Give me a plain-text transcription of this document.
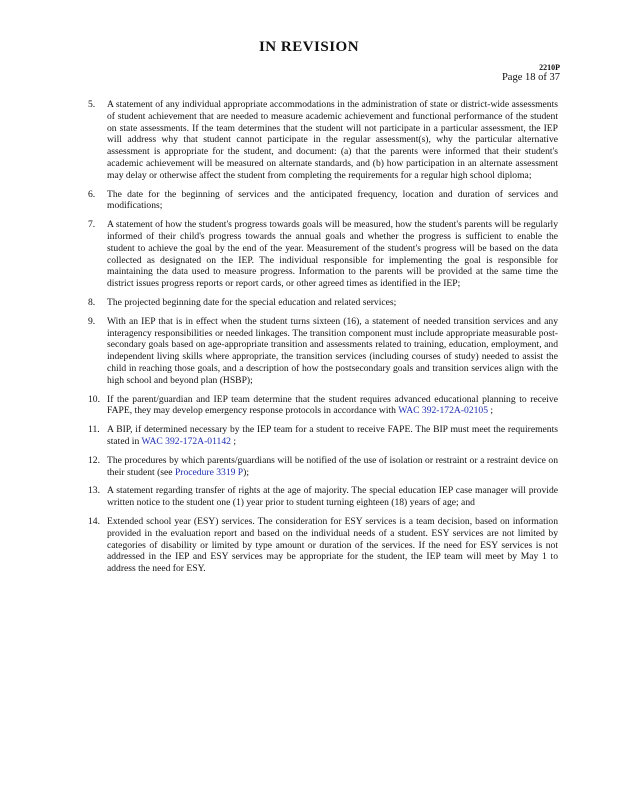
IN REVISION
2210P
Page 18 of 37
5. A statement of any individual appropriate accommodations in the administration of state or district-wide assessments of student achievement that are needed to measure academic achievement and functional performance of the student on state assessments. If the team determines that the student will not participate in a particular assessment, the IEP will address why that student cannot participate in the regular assessment(s), why the particular alternative assessment is appropriate for the student, and document: (a) that the parents were informed that their student's academic achievement will be measured on alternate standards, and (b) how participation in an alternate assessment may delay or otherwise affect the student from completing the requirements for a regular high school diploma;
6. The date for the beginning of services and the anticipated frequency, location and duration of services and modifications;
7. A statement of how the student's progress towards goals will be measured, how the student's parents will be regularly informed of their child's progress towards the annual goals and whether the progress is sufficient to enable the student to achieve the goal by the end of the year. Measurement of the student's progress will be based on the data collected as designated on the IEP. The individual responsible for implementing the goal is responsible for maintaining the data used to measure progress. Information to the parents will be provided at the same time the district issues progress reports or report cards, or other agreed times as identified in the IEP;
8. The projected beginning date for the special education and related services;
9. With an IEP that is in effect when the student turns sixteen (16), a statement of needed transition services and any interagency responsibilities or needed linkages. The transition component must include appropriate measurable post-secondary goals based on age-appropriate transition and assessments related to training, education, employment, and independent living skills where appropriate, the transition services (including courses of study) needed to assist the child in reaching those goals, and a description of how the postsecondary goals and transition services align with the high school and beyond plan (HSBP);
10. If the parent/guardian and IEP team determine that the student requires advanced educational planning to receive FAPE, they may develop emergency response protocols in accordance with WAC 392-172A-02105 ;
11. A BIP, if determined necessary by the IEP team for a student to receive FAPE. The BIP must meet the requirements stated in WAC 392-172A-01142 ;
12. The procedures by which parents/guardians will be notified of the use of isolation or restraint or a restraint device on their student (see Procedure 3319 P);
13. A statement regarding transfer of rights at the age of majority. The special education IEP case manager will provide written notice to the student one (1) year prior to student turning eighteen (18) years of age; and
14. Extended school year (ESY) services. The consideration for ESY services is a team decision, based on information provided in the evaluation report and based on the individual needs of a student. ESY services are not limited by categories of disability or limited by type amount or duration of the services. If the need for ESY services is not addressed in the IEP and ESY services may be appropriate for the student, the IEP team will meet by May 1 to address the need for ESY.
